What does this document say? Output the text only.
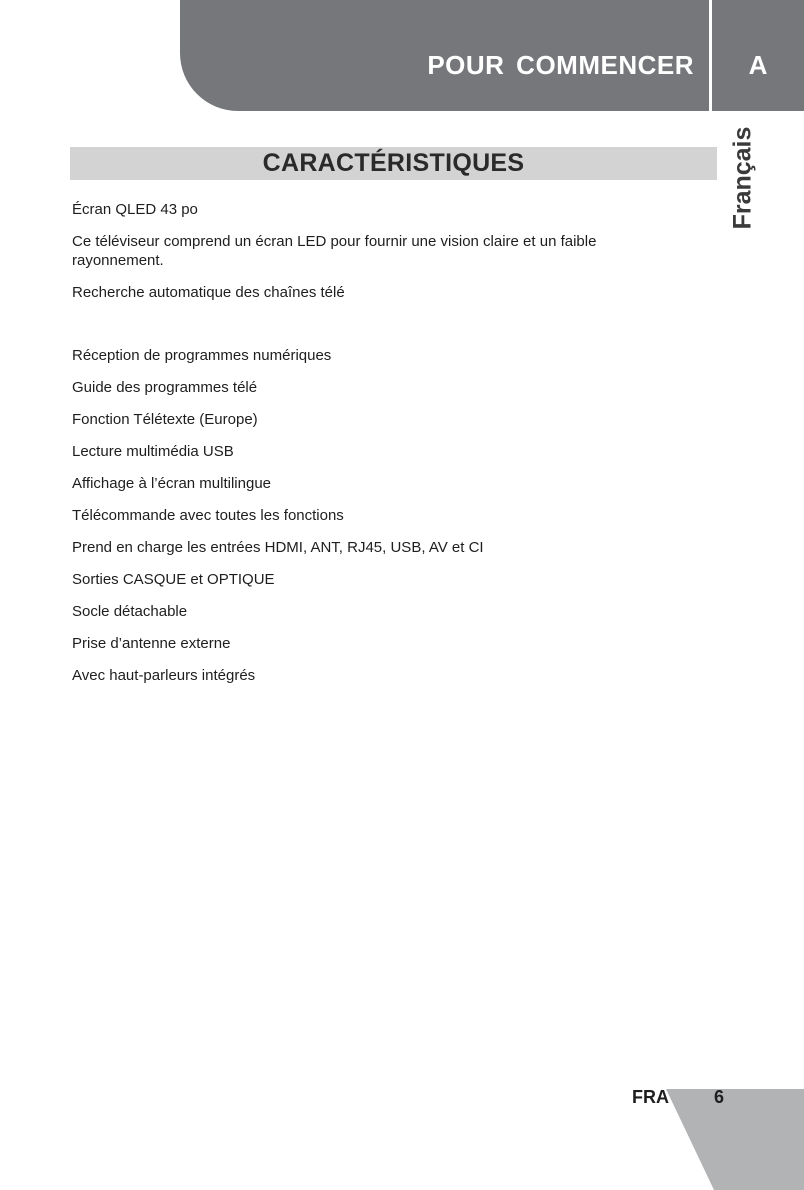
POUR COMMENCER	A
Français
CARACTÉRISTIQUES
Écran QLED 43 po
Ce téléviseur comprend un écran LED pour fournir une vision claire et un faible rayonnement.
Recherche automatique des chaînes télé
Réception de programmes numériques
Guide des programmes télé
Fonction Télétexte (Europe)
Lecture multimédia USB
Affichage à l’écran multilingue
Télécommande avec toutes les fonctions
Prend en charge les entrées HDMI, ANT, RJ45, USB, AV et CI
Sorties CASQUE et OPTIQUE
Socle détachable
Prise d’antenne externe
Avec haut-parleurs intégrés
FRA	6
